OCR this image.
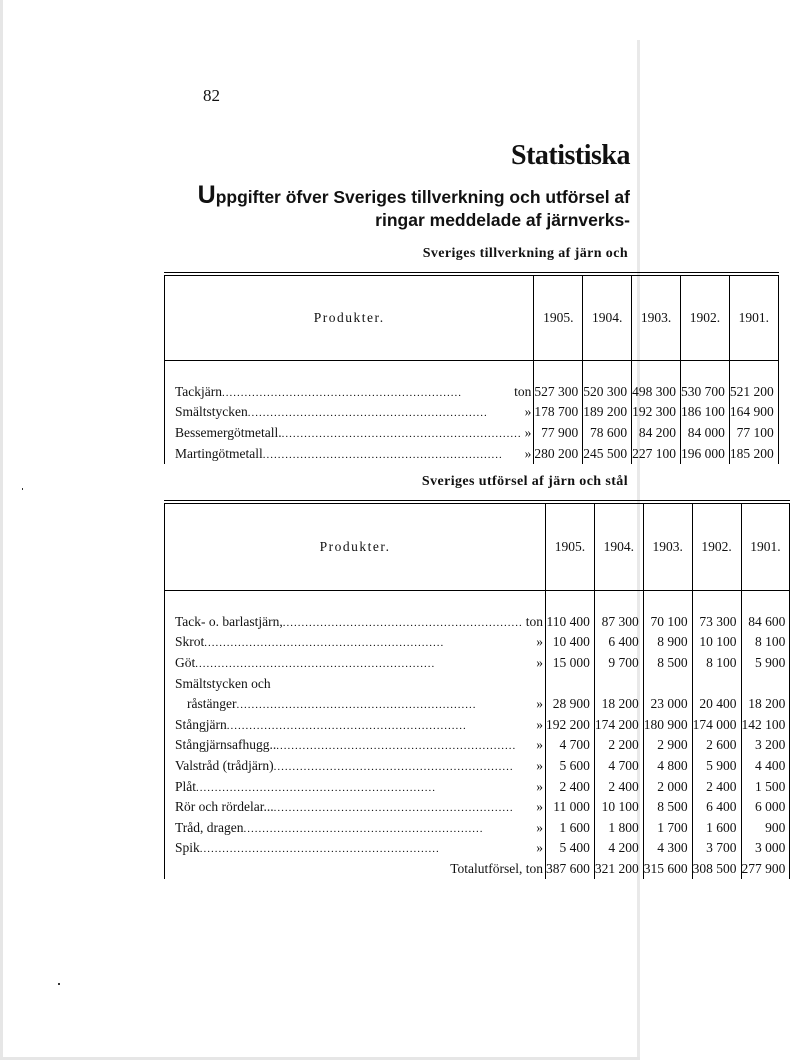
82
Statistiska
Uppgifter öfver Sveriges tillverkning och utförsel af
ringar meddelade af järnverks-
Sveriges tillverkning af järn och
Produkter.	1905.	1904.	1903.	1902.	1901.

Tackjärn ..... ton	527 300	520 300	498 300	530 700	521 200

Smältstycken ..... »	178 700	189 200	192 300	186 100	164 900

Bessemergötmetall. ..... »	77 900	78 600	84 200	84 000	77 100

Martingötmetall ..... »	280 200	245 500	227 100	196 000	185 200
Sveriges utförsel af järn och stål
Produkter.	1905.	1904.	1903.	1902.	1901.

Tack- o. barlastjärn, ..... ton	110 400	87 300	70 100	73 300	84 600

Skrot ..... »	10 400	6 400	8 900	10 100	8 100

Göt ..... »	15 000	9 700	8 500	8 100	5 900

Smältstycken och					

råstänger ..... »	28 900	18 200	23 000	20 400	18 200

Stångjärn ..... »	192 200	174 200	180 900	174 000	142 100

Stångjärnsafhugg.. ..... »	4 700	2 200	2 900	2 600	3 200

Valstråd (trådjärn) ..... »	5 600	4 700	4 800	5 900	4 400

Plåt ..... »	2 400	2 400	2 000	2 400	1 500

Rör och rördelar... ..... »	11 000	10 100	8 500	6 400	6 000

Tråd, dragen ..... »	1 600	1 800	1 700	1 600	900

Spik ..... »	5 400	4 200	4 300	3 700	3 000

Totalutförsel, ton	387 600	321 200	315 600	308 500	277 900
